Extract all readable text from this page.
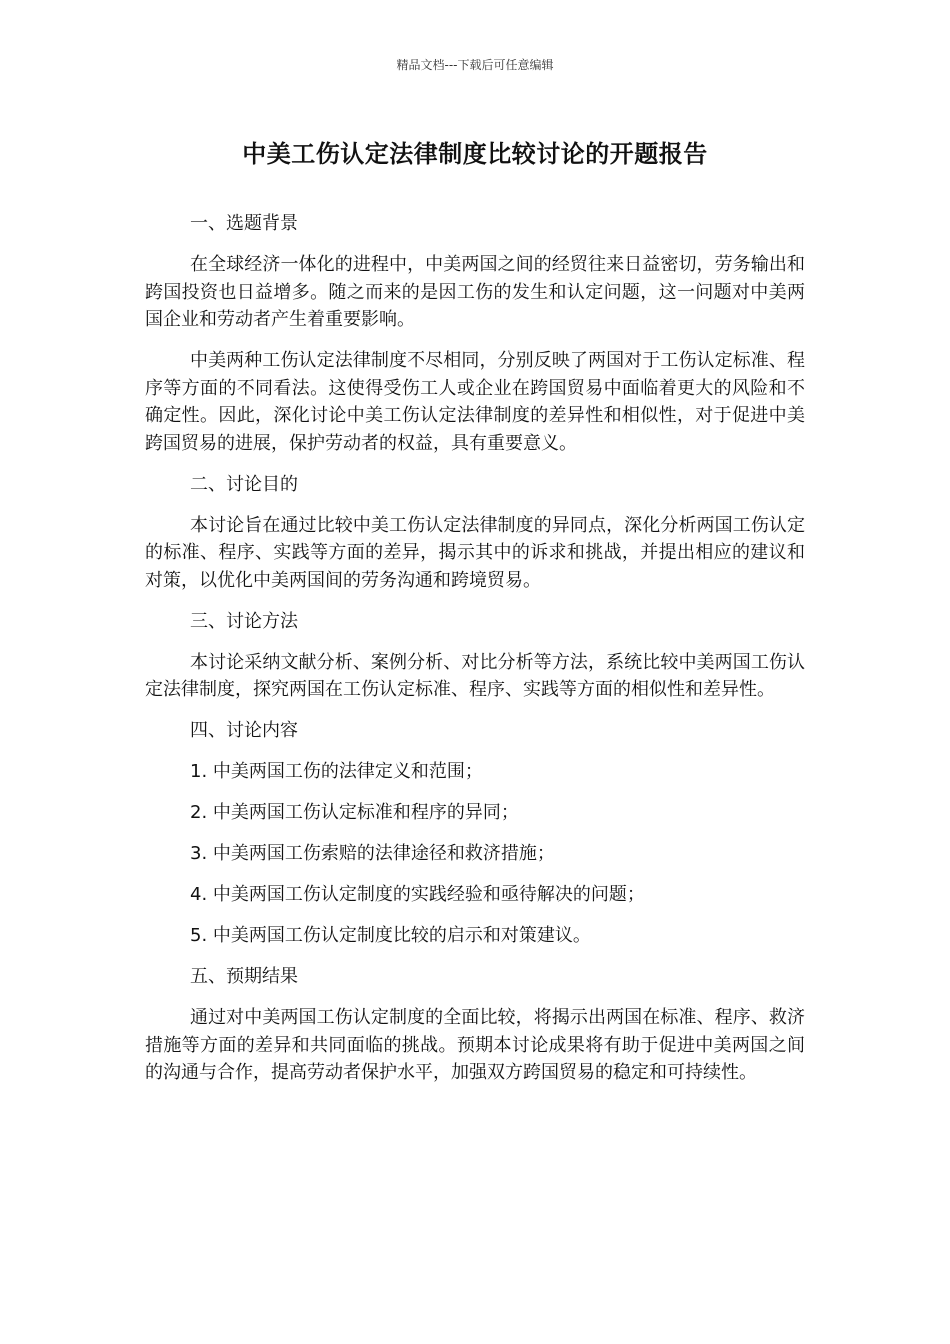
精品文档---下载后可任意编辑
中美工伤认定法律制度比较讨论的开题报告
一、选题背景
在全球经济一体化的进程中，中美两国之间的经贸往来日益密切，劳务输出和跨国投资也日益增多。随之而来的是因工伤的发生和认定问题，这一问题对中美两国企业和劳动者产生着重要影响。
中美两种工伤认定法律制度不尽相同，分别反映了两国对于工伤认定标准、程序等方面的不同看法。这使得受伤工人或企业在跨国贸易中面临着更大的风险和不确定性。因此，深化讨论中美工伤认定法律制度的差异性和相似性，对于促进中美跨国贸易的进展，保护劳动者的权益，具有重要意义。
二、讨论目的
本讨论旨在通过比较中美工伤认定法律制度的异同点，深化分析两国工伤认定的标准、程序、实践等方面的差异，揭示其中的诉求和挑战，并提出相应的建议和对策，以优化中美两国间的劳务沟通和跨境贸易。
三、讨论方法
本讨论采纳文献分析、案例分析、对比分析等方法，系统比较中美两国工伤认定法律制度，探究两国在工伤认定标准、程序、实践等方面的相似性和差异性。
四、讨论内容
1. 中美两国工伤的法律定义和范围；
2. 中美两国工伤认定标准和程序的异同；
3. 中美两国工伤索赔的法律途径和救济措施；
4. 中美两国工伤认定制度的实践经验和亟待解决的问题；
5. 中美两国工伤认定制度比较的启示和对策建议。
五、预期结果
通过对中美两国工伤认定制度的全面比较，将揭示出两国在标准、程序、救济措施等方面的差异和共同面临的挑战。预期本讨论成果将有助于促进中美两国之间的沟通与合作，提高劳动者保护水平，加强双方跨国贸易的稳定和可持续性。
